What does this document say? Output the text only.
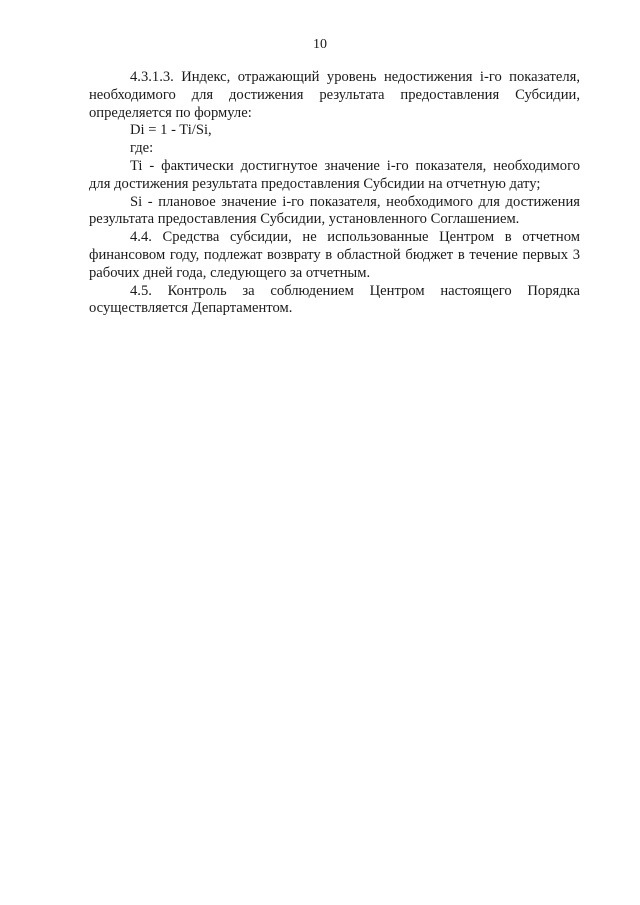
10

4.3.1.3. Индекс, отражающий уровень недостижения i-го показателя, необходимого для достижения результата предоставления Субсидии, определяется по формуле:

Di = 1 - Ti/Si,

где:

Ti - фактически достигнутое значение i-го показателя, необходимого для достижения результата предоставления Субсидии на отчетную дату;

Si - плановое значение i-го показателя, необходимого для достижения результата предоставления Субсидии, установленного Соглашением.

4.4. Средства субсидии, не использованные Центром в отчетном финансовом году, подлежат возврату в областной бюджет в течение первых 3 рабочих дней года, следующего за отчетным.

4.5. Контроль за соблюдением Центром настоящего Порядка осуществляется Департаментом.
